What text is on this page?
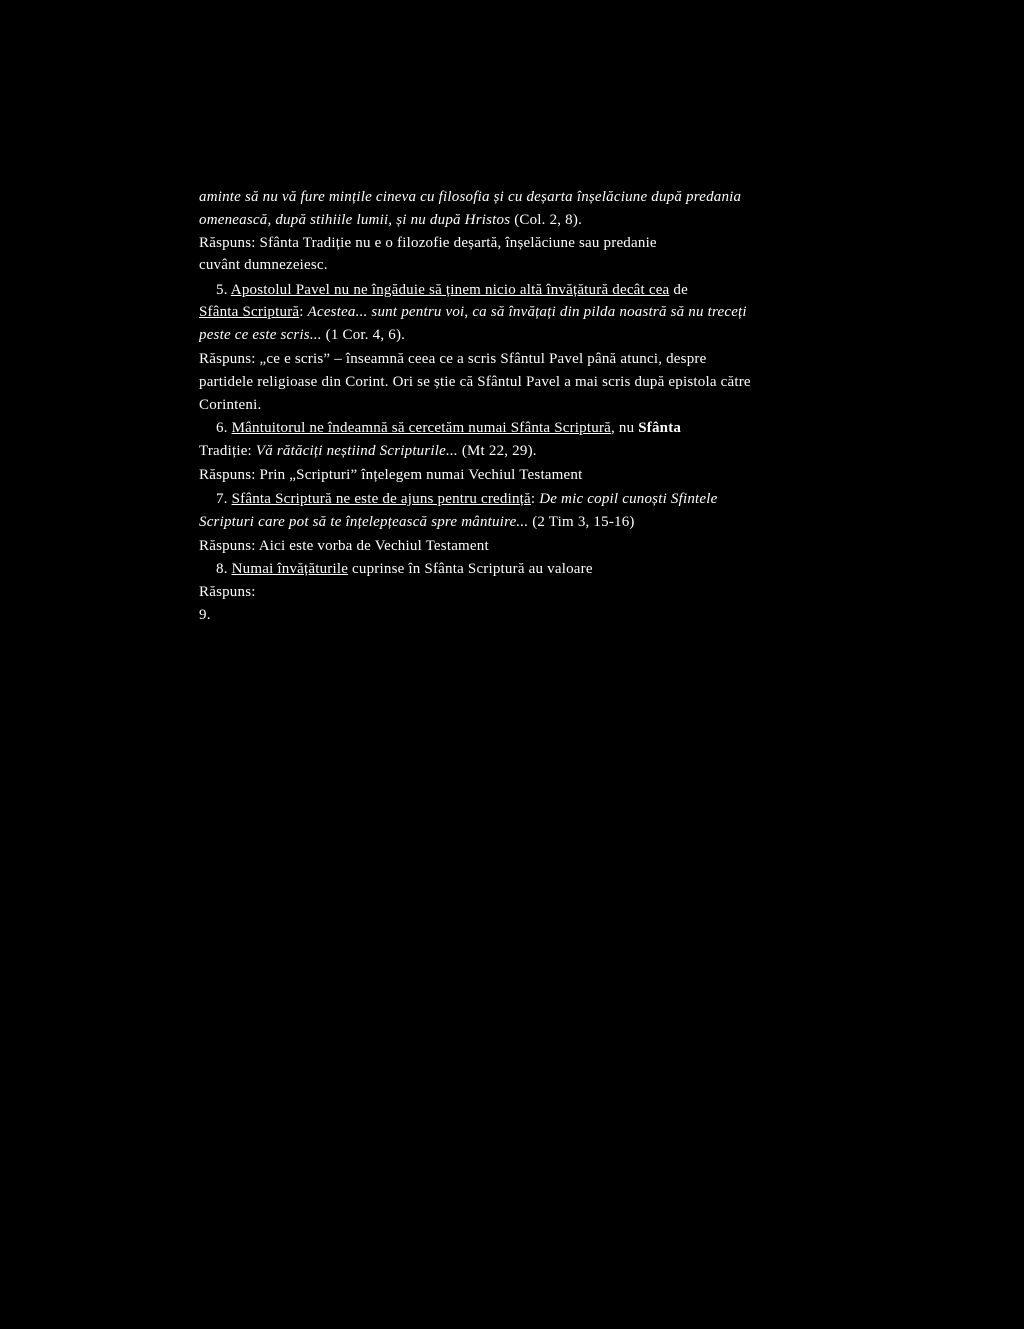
aminte să nu vă fure mințile cineva cu filosofia și cu deșarta înșelăciune după predania
omenească, după stihiile lumii, și nu după Hristos (Col. 2, 8).
Răspuns: Sfânta Tradiție nu e o filozofie deșartă, înșelăciune sau predanie
cuvânt dumnezeiesc.
5. Apostolul Pavel nu ne îngăduie să ținem nicio altă învățătură decât cea de
Sfânta Scriptură: Acestea... sunt pentru voi, ca să învățați din pilda noastră să nu treceți
peste ce este scris... (1 Cor. 4, 6).
Răspuns: „ce e scris” – înseamnă ceea ce a scris Sfântul Pavel până atunci, despre
partidele religioase din Corint. Ori se știe că Sfântul Pavel a mai scris după epistola către
Corinteni.
6. Mântuitorul ne îndeamnă să cercetăm numai Sfânta Scriptură, nu Sfânta
Tradiție: Vă rătăciți neștiind Scripturile... (Mt 22, 29).
Răspuns: Prin „Scripturi” înțelegem numai Vechiul Testament
7. Sfânta Scriptură ne este de ajuns pentru credință: De mic copil cunoști Sfintele
Scripturi care pot să te înțelepțească spre mântuire... (2 Tim 3, 15-16)
Răspuns: Aici este vorba de Vechiul Testament
8. Numai învățăturile cuprinse în Sfânta Scriptură au valoare
Răspuns:
9.
